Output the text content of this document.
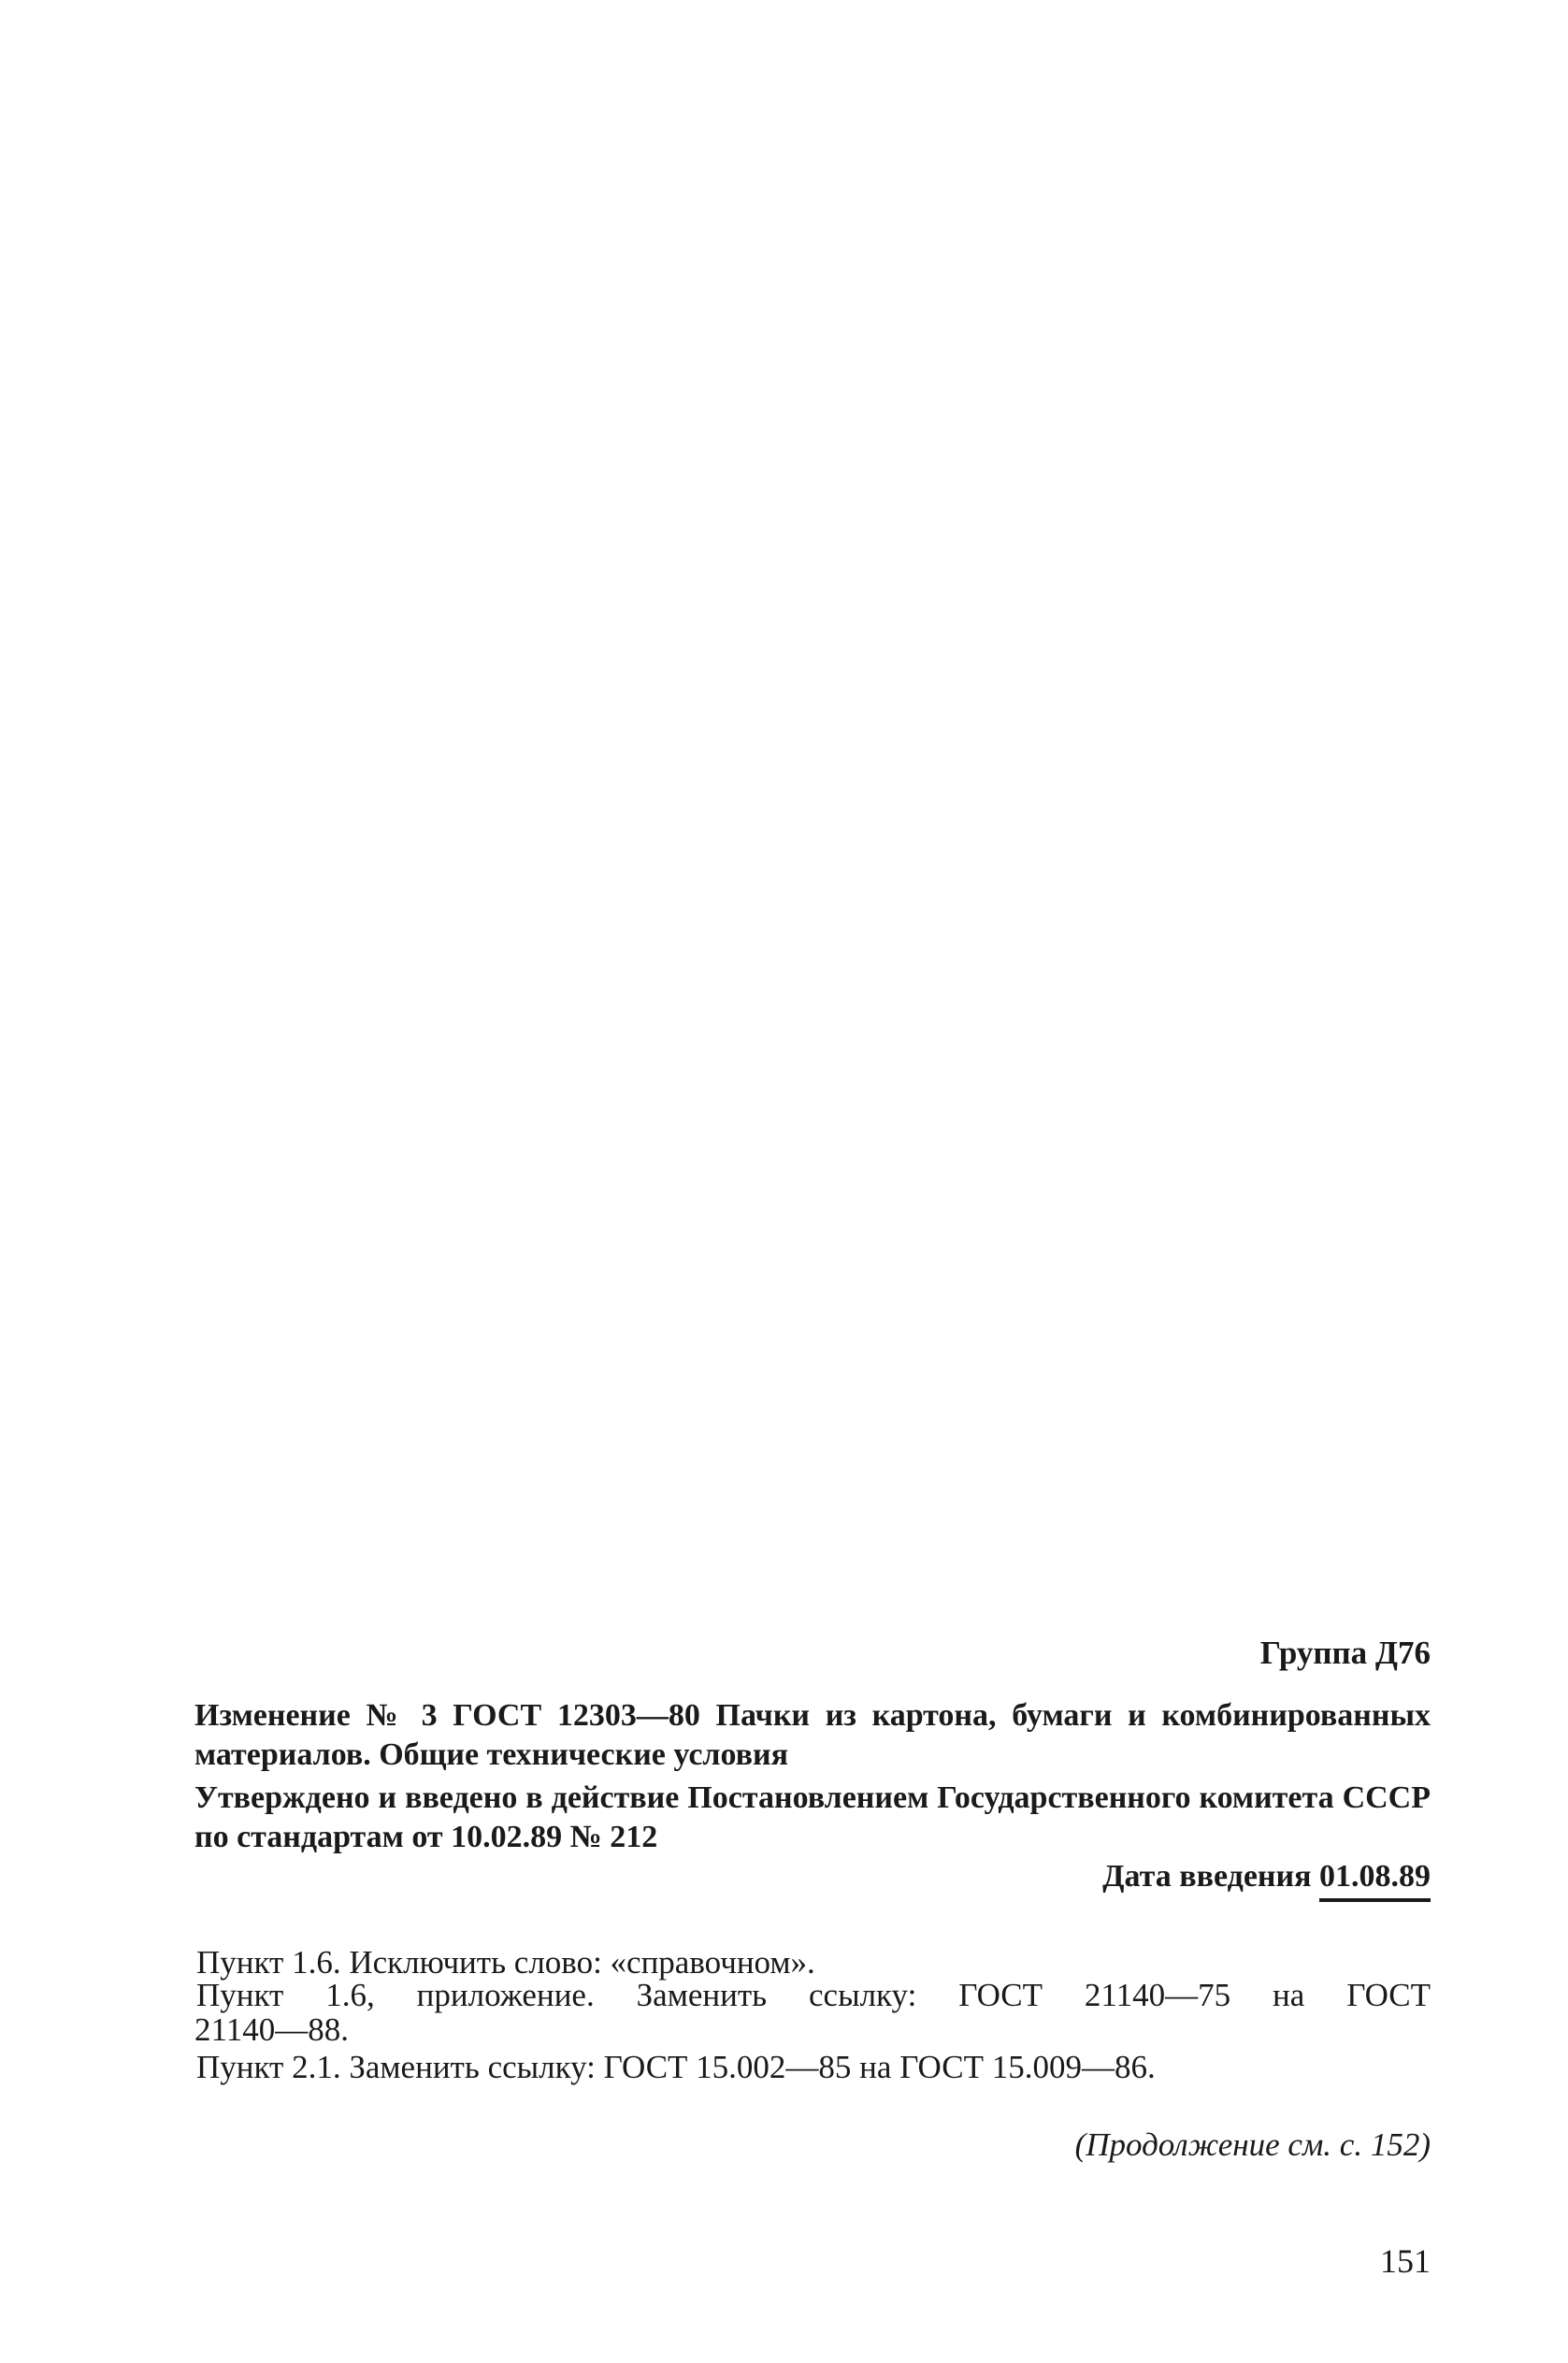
Группа Д76
Изменение № 3 ГОСТ 12303—80 Пачки из картона, бумаги и комбинированных материалов. Общие технические условия
Утверждено и введено в действие Постановлением Государственного комитета СССР по стандартам от 10.02.89 № 212
Дата введения 01.08.89
Пункт 1.6. Исключить слово: «справочном».
Пункт 1.6, приложение. Заменить ссылку: ГОСТ 21140—75 на ГОСТ
21140—88.
Пункт 2.1. Заменить ссылку: ГОСТ 15.002—85 на ГОСТ 15.009—86.
(Продолжение см. с. 152)
151
